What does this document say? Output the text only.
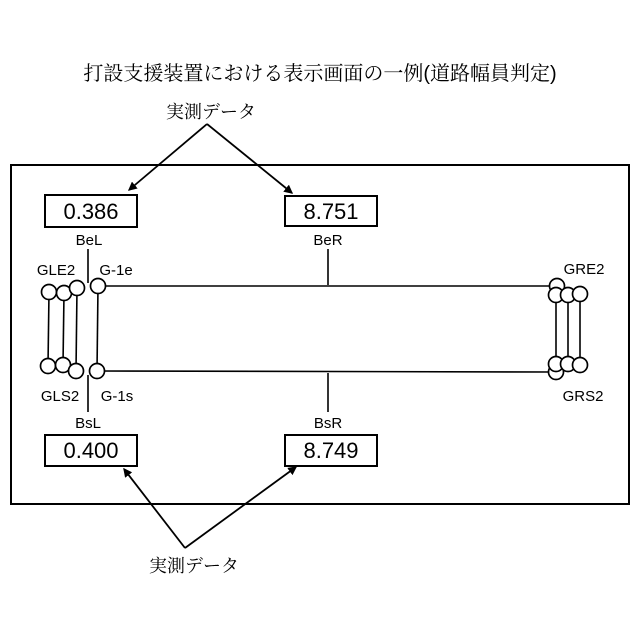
打設支援装置における表示画面の一例(道路幅員判定)
実測データ
0.386
BeL
8.751
BeR
BsL
0.400
BsR
8.749
GLE2 G-1e	GRE2
GLS2 G-1s	GRS2
実測データ
